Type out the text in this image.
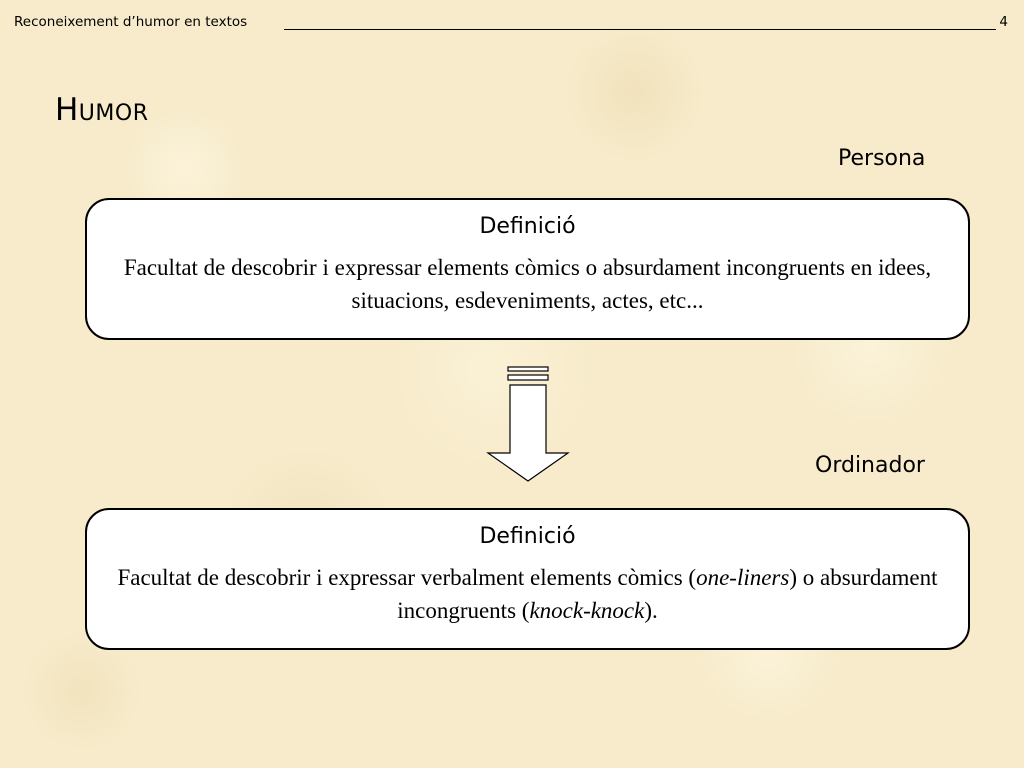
Reconeixement d’humor en textos	4
Humor
Persona
Definició
Facultat de descobrir i expressar elements còmics o absurdament incongruents en idees, situacions, esdeveniments, actes, etc...
Ordinador
Definició
Facultat de descobrir i expressar verbalment elements còmics (one-liners) o absurdament incongruents (knock-knock).
